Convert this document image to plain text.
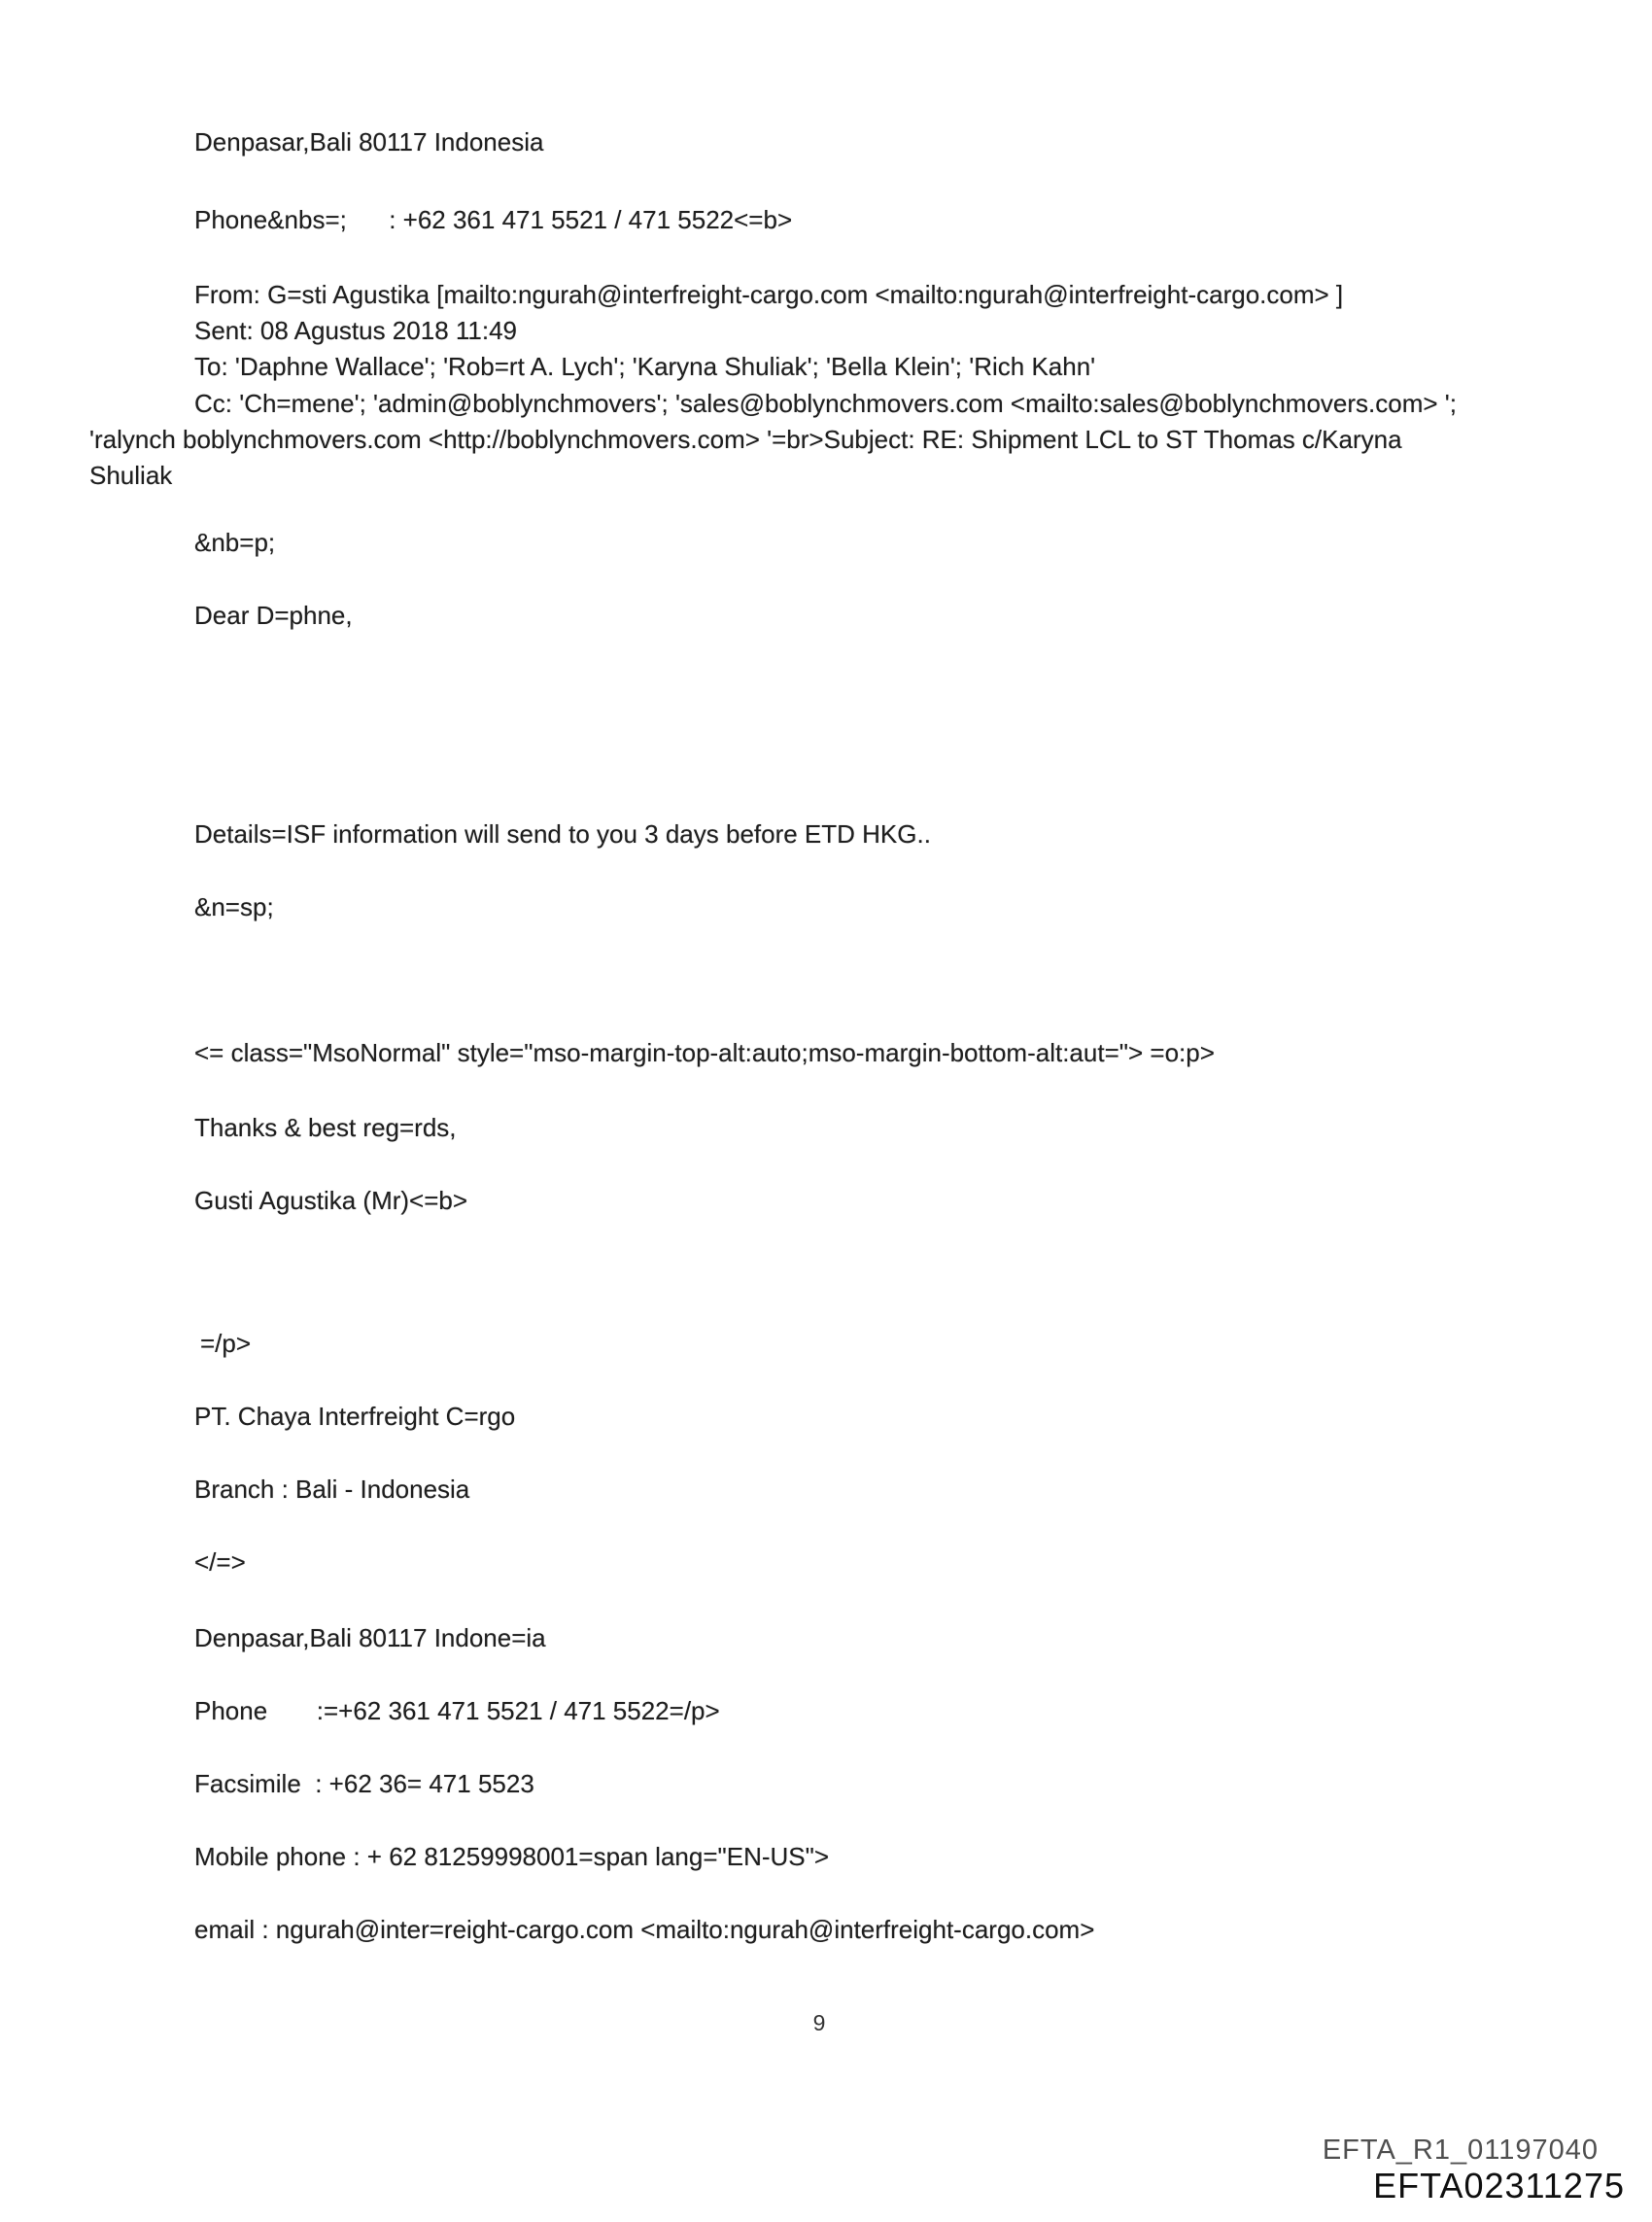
Denpasar,Bali 80117 Indonesia

Phone&nbs=;      : +62 361 471 5521 / 471 5522<=b>

From: G=sti Agustika [mailto:ngurah@interfreight-cargo.com <mailto:ngurah@interfreight-cargo.com> ]

Sent: 08 Agustus 2018 11:49

To: 'Daphne Wallace'; 'Rob=rt A. Lych'; 'Karyna Shuliak'; 'Bella Klein'; 'Rich Kahn'

Cc: 'Ch=mene'; 'admin@boblynchmovers'; 'sales@boblynchmovers.com <mailto:sales@boblynchmovers.com> ';

'ralynch boblynchmovers.com <http://boblynchmovers.com> '=br>Subject: RE: Shipment LCL to ST Thomas c/Karyna

Shuliak

&nb=p;

Dear D=phne,

Details=ISF information will send to you 3 days before ETD HKG..

&n=sp;

<= class="MsoNormal" style="mso-margin-top-alt:auto;mso-margin-bottom-alt:aut="> =o:p>

Thanks & best reg=rds,

Gusti Agustika (Mr)<=b>

=/p>

PT. Chaya Interfreight C=rgo

Branch : Bali - Indonesia

</=>

Denpasar,Bali 80117 Indone=ia

Phone       :=+62 361 471 5521 / 471 5522=/p>

Facsimile  : +62 36= 471 5523

Mobile phone : + 62 81259998001=span lang="EN-US">

email : ngurah@inter=reight-cargo.com <mailto:ngurah@interfreight-cargo.com>

9

EFTA_R1_01197040

EFTA02311275
